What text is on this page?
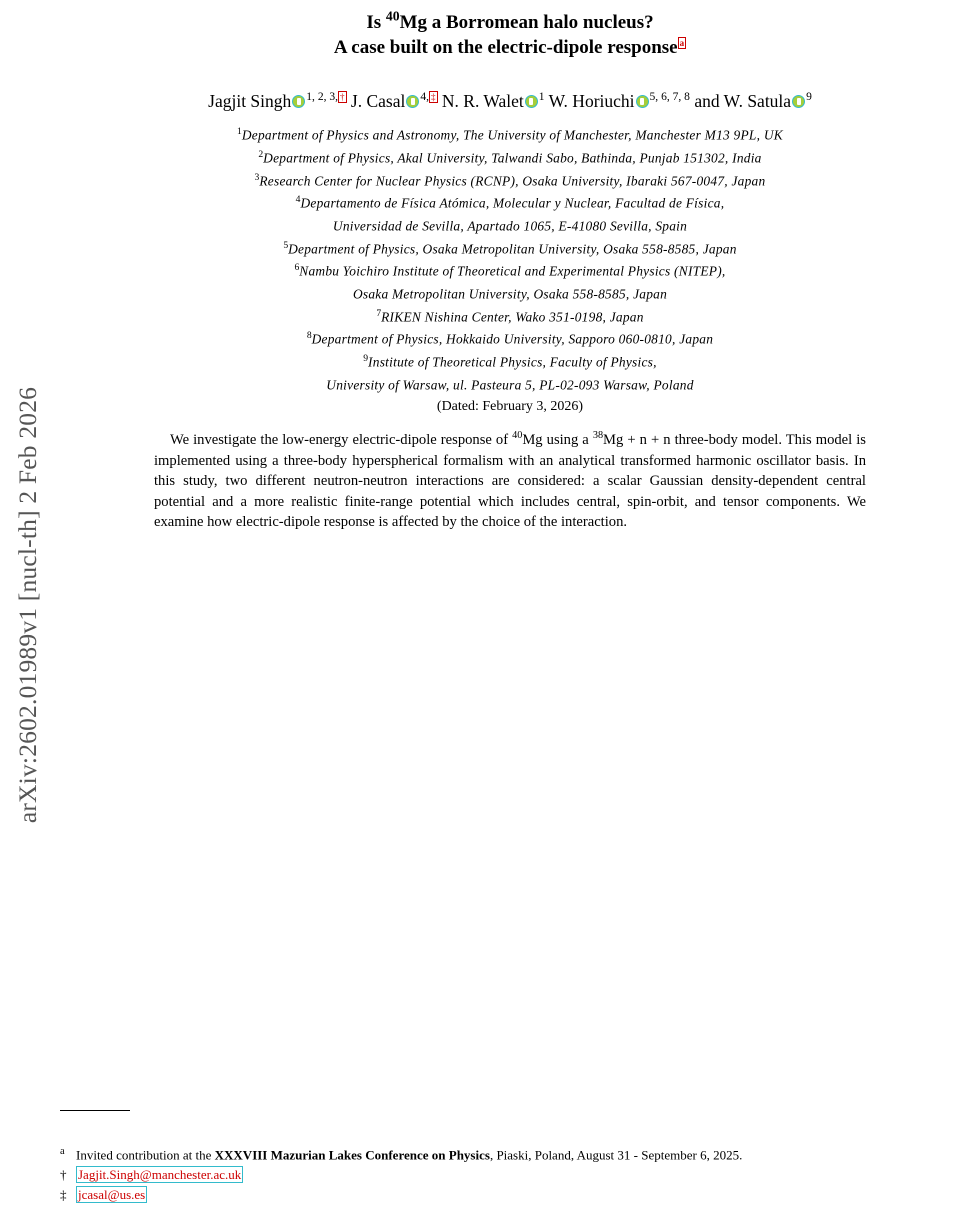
arXiv:2602.01989v1 [nucl-th] 2 Feb 2026
Is $^{40}$Mg a Borromean halo nucleus?
A case built on the electric-dipole response a
Jagjit Singh $^{1, 2, 3,}$ † J. Casal $^{4,}$ ‡ N. R. Walet $^1$ W. Horiuchi $^{5, 6, 7, 8}$ and W. Satula $^9$
$^1$Department of Physics and Astronomy, The University of Manchester, Manchester M13 9PL, UK
$^2$Department of Physics, Akal University, Talwandi Sabo, Bathinda, Punjab 151302, India
$^3$Research Center for Nuclear Physics (RCNP), Osaka University, Ibaraki 567-0047, Japan
$^4$Departamento de Física Atómica, Molecular y Nuclear, Facultad de Física,
Universidad de Sevilla, Apartado 1065, E-41080 Sevilla, Spain
$^5$Department of Physics, Osaka Metropolitan University, Osaka 558-8585, Japan
$^6$Nambu Yoichiro Institute of Theoretical and Experimental Physics (NITEP),
Osaka Metropolitan University, Osaka 558-8585, Japan
$^7$RIKEN Nishina Center, Wako 351-0198, Japan
$^8$Department of Physics, Hokkaido University, Sapporo 060-0810, Japan
$^9$Institute of Theoretical Physics, Faculty of Physics,
University of Warsaw, ul. Pasteura 5, PL-02-093 Warsaw, Poland
(Dated: February 3, 2026)
We investigate the low-energy electric-dipole response of $^{40}$Mg using a $^{38}$Mg + n + n three-body model. This model is implemented using a three-body hyperspherical formalism with an analytical transformed harmonic oscillator basis. In this study, two different neutron-neutron interactions are considered: a scalar Gaussian density-dependent central potential and a more realistic finite-range potential which includes central, spin-orbit, and tensor components. We examine how electric-dipole response is affected by the choice of the interaction.
a Invited contribution at the XXXVIII Mazurian Lakes Conference on Physics, Piaski, Poland, August 31 - September 6, 2025.
† Jagjit.Singh@manchester.ac.uk
‡ jcasal@us.es
